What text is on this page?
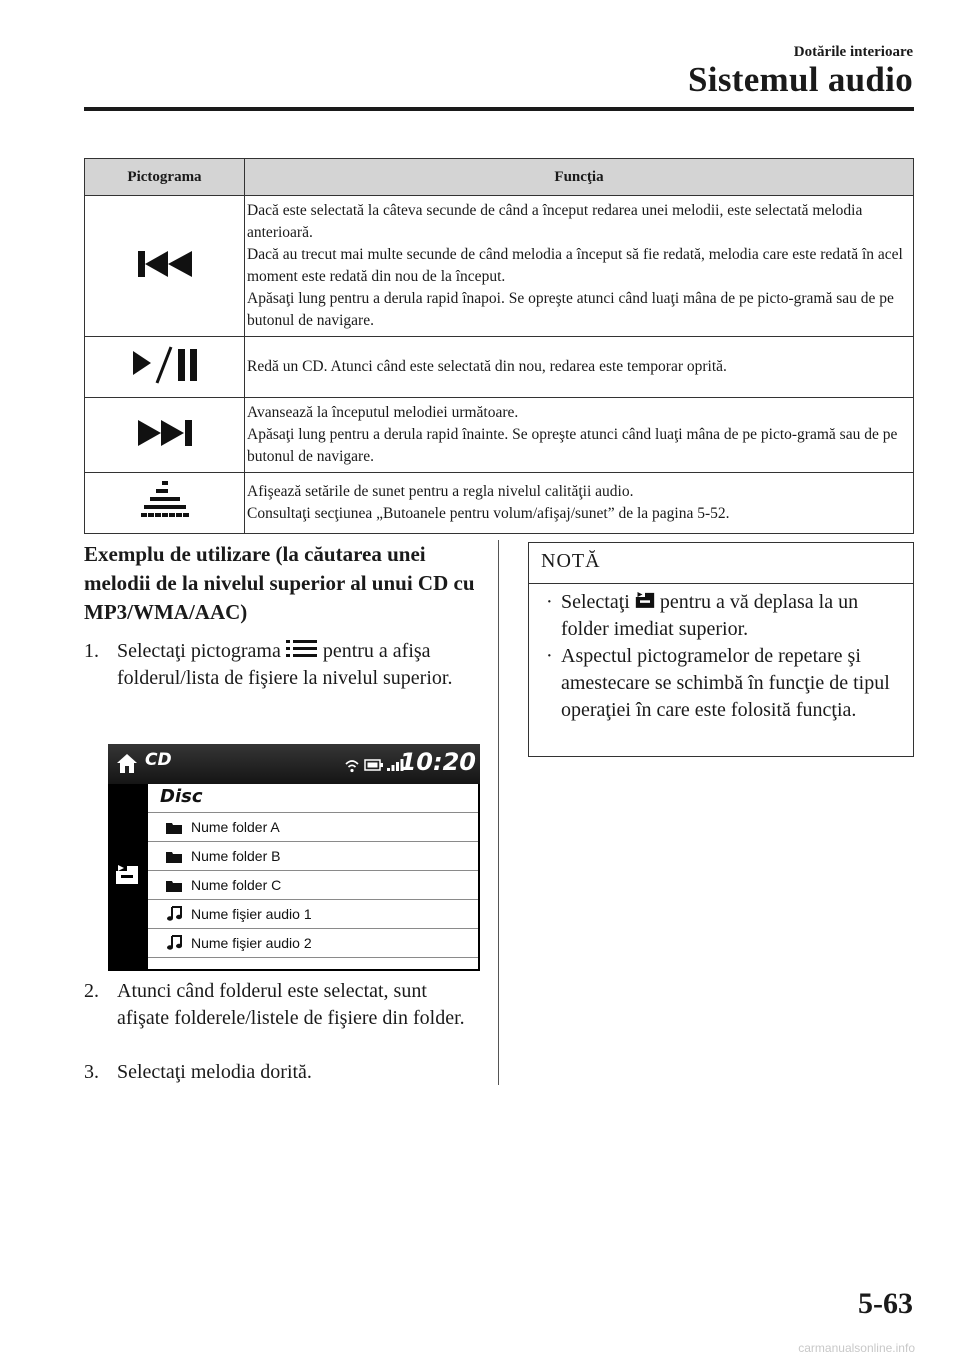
Dotările interioare
Sistemul audio
Pictograma	Funcţia

Dacă este selectată la câteva secunde de când a început redarea unei melodii, este selectată melodia anterioară.
Dacă au trecut mai multe secunde de când melodia a început să fie redată, melodia care este redată în acel moment este redată din nou de la început.
Apăsaţi lung pentru a derula rapid înapoi. Se opreşte atunci când luaţi mâna de pe picto-gramă sau de pe butonul de navigare.

Redă un CD. Atunci când este selectată din nou, redarea este temporar oprită.

Avansează la începutul melodiei următoare.
Apăsaţi lung pentru a derula rapid înainte. Se opreşte atunci când luaţi mâna de pe picto-gramă sau de pe butonul de navigare.

Afişează setările de sunet pentru a regla nivelul calităţii audio.
Consultaţi secţiunea „Butoanele pentru volum/afişaj/sunet” de la pagina 5-52.
Exemplu de utilizare (la căutarea unei melodii de la nivelul superior al unui CD cu MP3/WMA/AAC)
1. Selectaţi pictograma pentru a afişa folderul/lista de fişiere la nivelul superior.
CD	10:20
Disc
Nume folder A
Nume folder B
Nume folder C
Nume fişier audio 1
Nume fişier audio 2
2. Atunci când folderul este selectat, sunt afişate folderele/listele de fişiere din folder.
3. Selectaţi melodia dorită.
NOTĂ
· Selectaţi pentru a vă deplasa la un folder imediat superior.
· Aspectul pictogramelor de repetare şi amestecare se schimbă în funcţie de tipul operaţiei în care este folosită funcţia.
5-63
carmanualsonline.info
